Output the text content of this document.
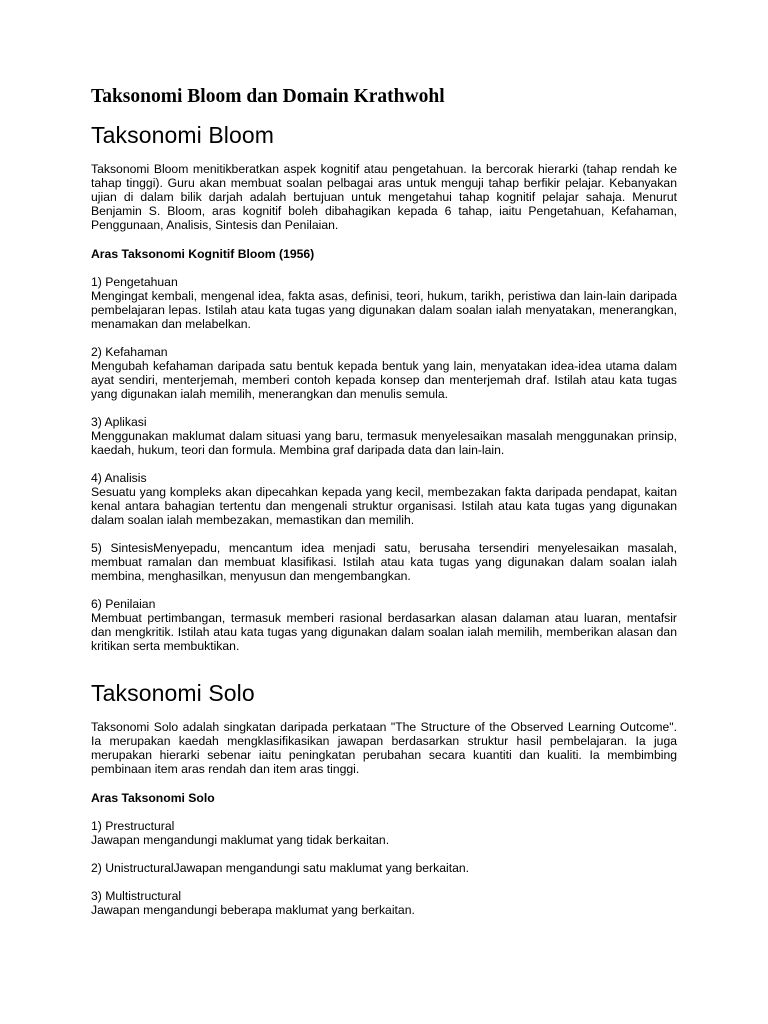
Taksonomi Bloom dan Domain Krathwohl
Taksonomi Bloom

Taksonomi Bloom menitikberatkan aspek kognitif atau pengetahuan. Ia bercorak hierarki (tahap rendah ke tahap tinggi). Guru akan membuat soalan pelbagai aras untuk menguji tahap berfikir pelajar. Kebanyakan ujian di dalam bilik darjah adalah bertujuan untuk mengetahui tahap kognitif pelajar sahaja. Menurut Benjamin S. Bloom, aras kognitif boleh dibahagikan kepada 6 tahap, iaitu Pengetahuan, Kefahaman, Penggunaan, Analisis, Sintesis dan Penilaian.

Aras Taksonomi Kognitif Bloom (1956)
1) Pengetahuan
Mengingat kembali, mengenal idea, fakta asas, definisi, teori, hukum, tarikh, peristiwa dan lain-lain daripada pembelajaran lepas. Istilah atau kata tugas yang digunakan dalam soalan ialah menyatakan, menerangkan, menamakan dan melabelkan.
2) Kefahaman
Mengubah kefahaman daripada satu bentuk kepada bentuk yang lain, menyatakan idea-idea utama dalam ayat sendiri, menterjemah, memberi contoh kepada konsep dan menterjemah draf. Istilah atau kata tugas yang digunakan ialah memilih, menerangkan dan menulis semula.
3) Aplikasi
Menggunakan maklumat dalam situasi yang baru, termasuk menyelesaikan masalah menggunakan prinsip, kaedah, hukum, teori dan formula. Membina graf daripada data dan lain-lain.
4) Analisis
Sesuatu yang kompleks akan dipecahkan kepada yang kecil, membezakan fakta daripada pendapat, kaitan kenal antara bahagian tertentu dan mengenali struktur organisasi. Istilah atau kata tugas yang digunakan dalam soalan ialah membezakan, memastikan dan memilih.
5) SintesisMenyepadu, mencantum idea menjadi satu, berusaha tersendiri menyelesaikan masalah, membuat ramalan dan membuat klasifikasi. Istilah atau kata tugas yang digunakan dalam soalan ialah membina, menghasilkan, menyusun dan mengembangkan.
6) Penilaian
Membuat pertimbangan, termasuk memberi rasional berdasarkan alasan dalaman atau luaran, mentafsir dan mengkritik. Istilah atau kata tugas yang digunakan dalam soalan ialah memilih, memberikan alasan dan kritikan serta membuktikan.
Taksonomi Solo

Taksonomi Solo adalah singkatan daripada perkataan "The Structure of the Observed Learning Outcome". Ia merupakan kaedah mengklasifikasikan jawapan berdasarkan struktur hasil pembelajaran. Ia juga merupakan hierarki sebenar iaitu peningkatan perubahan secara kuantiti dan kualiti. Ia membimbing pembinaan item aras rendah dan item aras tinggi.

Aras Taksonomi Solo
1) Prestructural
Jawapan mengandungi maklumat yang tidak berkaitan.
2) UnistructuralJawapan mengandungi satu maklumat yang berkaitan.
3) Multistructural
Jawapan mengandungi beberapa maklumat yang berkaitan.
